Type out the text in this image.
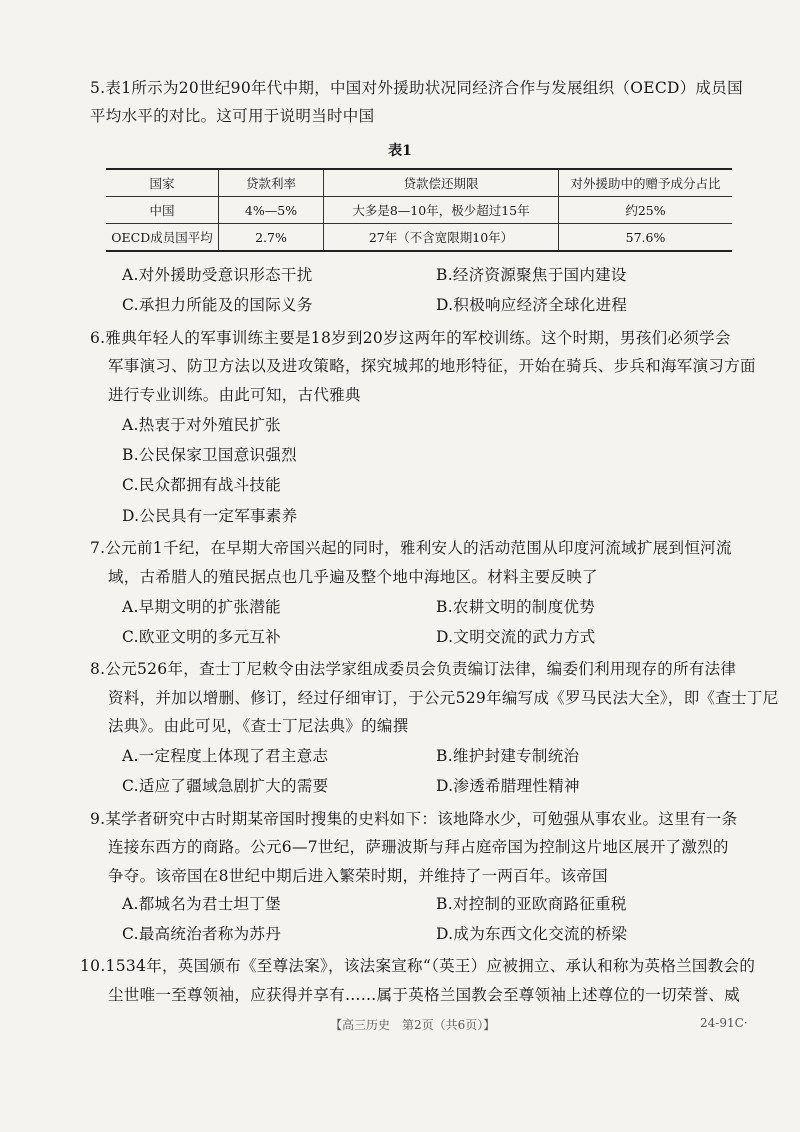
5.表1所示为20世纪90年代中期，中国对外援助状况同经济合作与发展组织（OECD）成员国
平均水平的对比。这可用于说明当时中国
表1
国家	贷款利率	贷款偿还期限	对外援助中的赠予成分占比
中国	4%—5%	大多是8—10年，极少超过15年	约25%
OECD成员国平均	2.7%	27年（不含宽限期10年）	57.6%
A.对外援助受意识形态干扰	B.经济资源聚焦于国内建设
C.承担力所能及的国际义务	D.积极响应经济全球化进程
6.雅典年轻人的军事训练主要是18岁到20岁这两年的军校训练。这个时期，男孩们必须学会
军事演习、防卫方法以及进攻策略，探究城邦的地形特征，开始在骑兵、步兵和海军演习方面
进行专业训练。由此可知，古代雅典
A.热衷于对外殖民扩张
B.公民保家卫国意识强烈
C.民众都拥有战斗技能
D.公民具有一定军事素养
7.公元前1千纪，在早期大帝国兴起的同时，雅利安人的活动范围从印度河流域扩展到恒河流
域，古希腊人的殖民据点也几乎遍及整个地中海地区。材料主要反映了
A.早期文明的扩张潜能	B.农耕文明的制度优势
C.欧亚文明的多元互补	D.文明交流的武力方式
8.公元526年，查士丁尼敕令由法学家组成委员会负责编订法律，编委们利用现存的所有法律
资料，并加以增删、修订，经过仔细审订，于公元529年编写成《罗马民法大全》，即《查士丁尼
法典》。由此可见，《查士丁尼法典》的编撰
A.一定程度上体现了君主意志	B.维护封建专制统治
C.适应了疆域急剧扩大的需要	D.渗透希腊理性精神
9.某学者研究中古时期某帝国时搜集的史料如下：该地降水少，可勉强从事农业。这里有一条
连接东西方的商路。公元6—7世纪，萨珊波斯与拜占庭帝国为控制这片地区展开了激烈的
争夺。该帝国在8世纪中期后进入繁荣时期，并维持了一两百年。该帝国
A.都城名为君士坦丁堡	B.对控制的亚欧商路征重税
C.最高统治者称为苏丹	D.成为东西文化交流的桥梁
10.1534年，英国颁布《至尊法案》，该法案宣称“（英王）应被拥立、承认和称为英格兰国教会的
尘世唯一至尊领袖，应获得并享有……属于英格兰国教会至尊领袖上述尊位的一切荣誉、威
【高三历史　第2页（共6页）】	24-91C·
